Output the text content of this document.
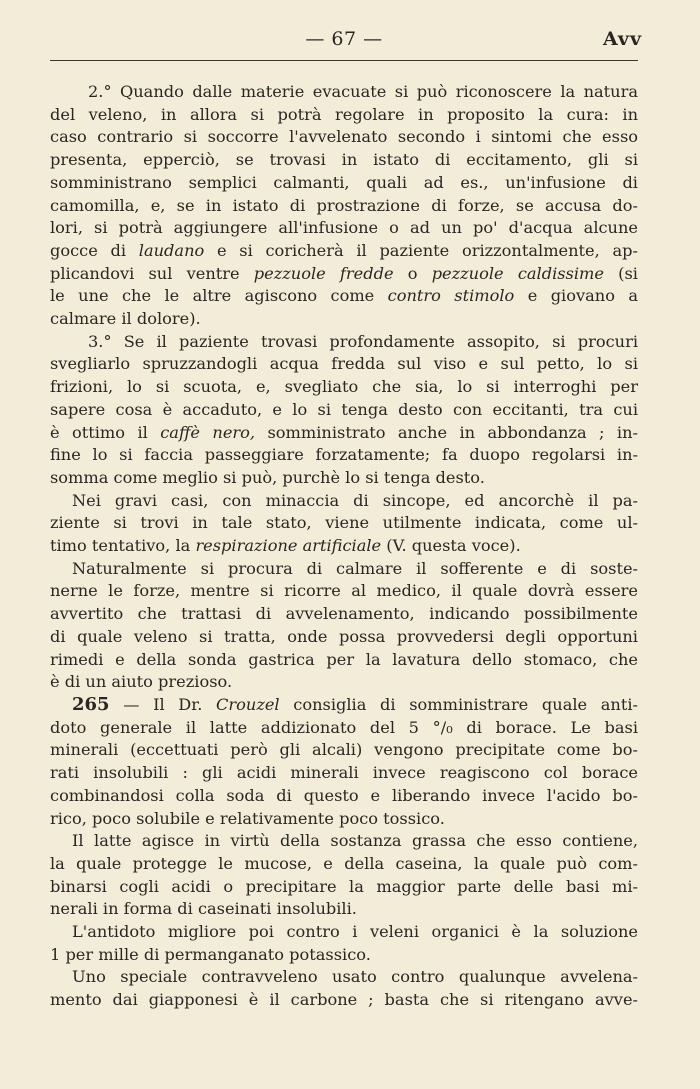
— 67 —	Avv
2.° Quando dalle materie evacuate si può riconoscere la natura
del veleno, in allora si potrà regolare in proposito la cura: in
caso contrario si soccorre l'avvelenato secondo i sintomi che esso
presenta, epperciò, se trovasi in istato di eccitamento, gli si
somministrano semplici calmanti, quali ad es., un'infusione di
camomilla, e, se in istato di prostrazione di forze, se accusa do-
lori, si potrà aggiungere all'infusione o ad un po' d'acqua alcune
gocce di laudano e si coricherà il paziente orizzontalmente, ap-
plicandovi sul ventre pezzuole fredde o pezzuole caldissime (si
le une che le altre agiscono come contro stimolo e giovano a
calmare il dolore).
3.° Se il paziente trovasi profondamente assopito, si procuri
svegliarlo spruzzandogli acqua fredda sul viso e sul petto, lo si
frizioni, lo si scuota, e, svegliato che sia, lo si interroghi per
sapere cosa è accaduto, e lo si tenga desto con eccitanti, tra cui
è ottimo il caffè nero, somministrato anche in abbondanza ; in-
fine lo si faccia passeggiare forzatamente; fa duopo regolarsi in-
somma come meglio si può, purchè lo si tenga desto.
Nei gravi casi, con minaccia di sincope, ed ancorchè il pa-
ziente si trovi in tale stato, viene utilmente indicata, come ul-
timo tentativo, la respirazione artificiale (V. questa voce).
Naturalmente si procura di calmare il sofferente e di soste-
nerne le forze, mentre si ricorre al medico, il quale dovrà essere
avvertito che trattasi di avvelenamento, indicando possibilmente
di quale veleno si tratta, onde possa provvedersi degli opportuni
rimedi e della sonda gastrica per la lavatura dello stomaco, che
è di un aiuto prezioso.
265 — Il Dr. Crouzel consiglia di somministrare quale anti-
doto generale il latte addizionato del 5 °/₀ di borace. Le basi
minerali (eccettuati però gli alcali) vengono precipitate come bo-
rati insolubili : gli acidi minerali invece reagiscono col borace
combinandosi colla soda di questo e liberando invece l'acido bo-
rico, poco solubile e relativamente poco tossico.
Il latte agisce in virtù della sostanza grassa che esso contiene,
la quale protegge le mucose, e della caseina, la quale può com-
binarsi cogli acidi o precipitare la maggior parte delle basi mi-
nerali in forma di caseinati insolubili.
L'antidoto migliore poi contro i veleni organici è la soluzione
1 per mille di permanganato potassico.
Uno speciale contravveleno usato contro qualunque avvelena-
mento dai giapponesi è il carbone ; basta che si ritengano avve-
